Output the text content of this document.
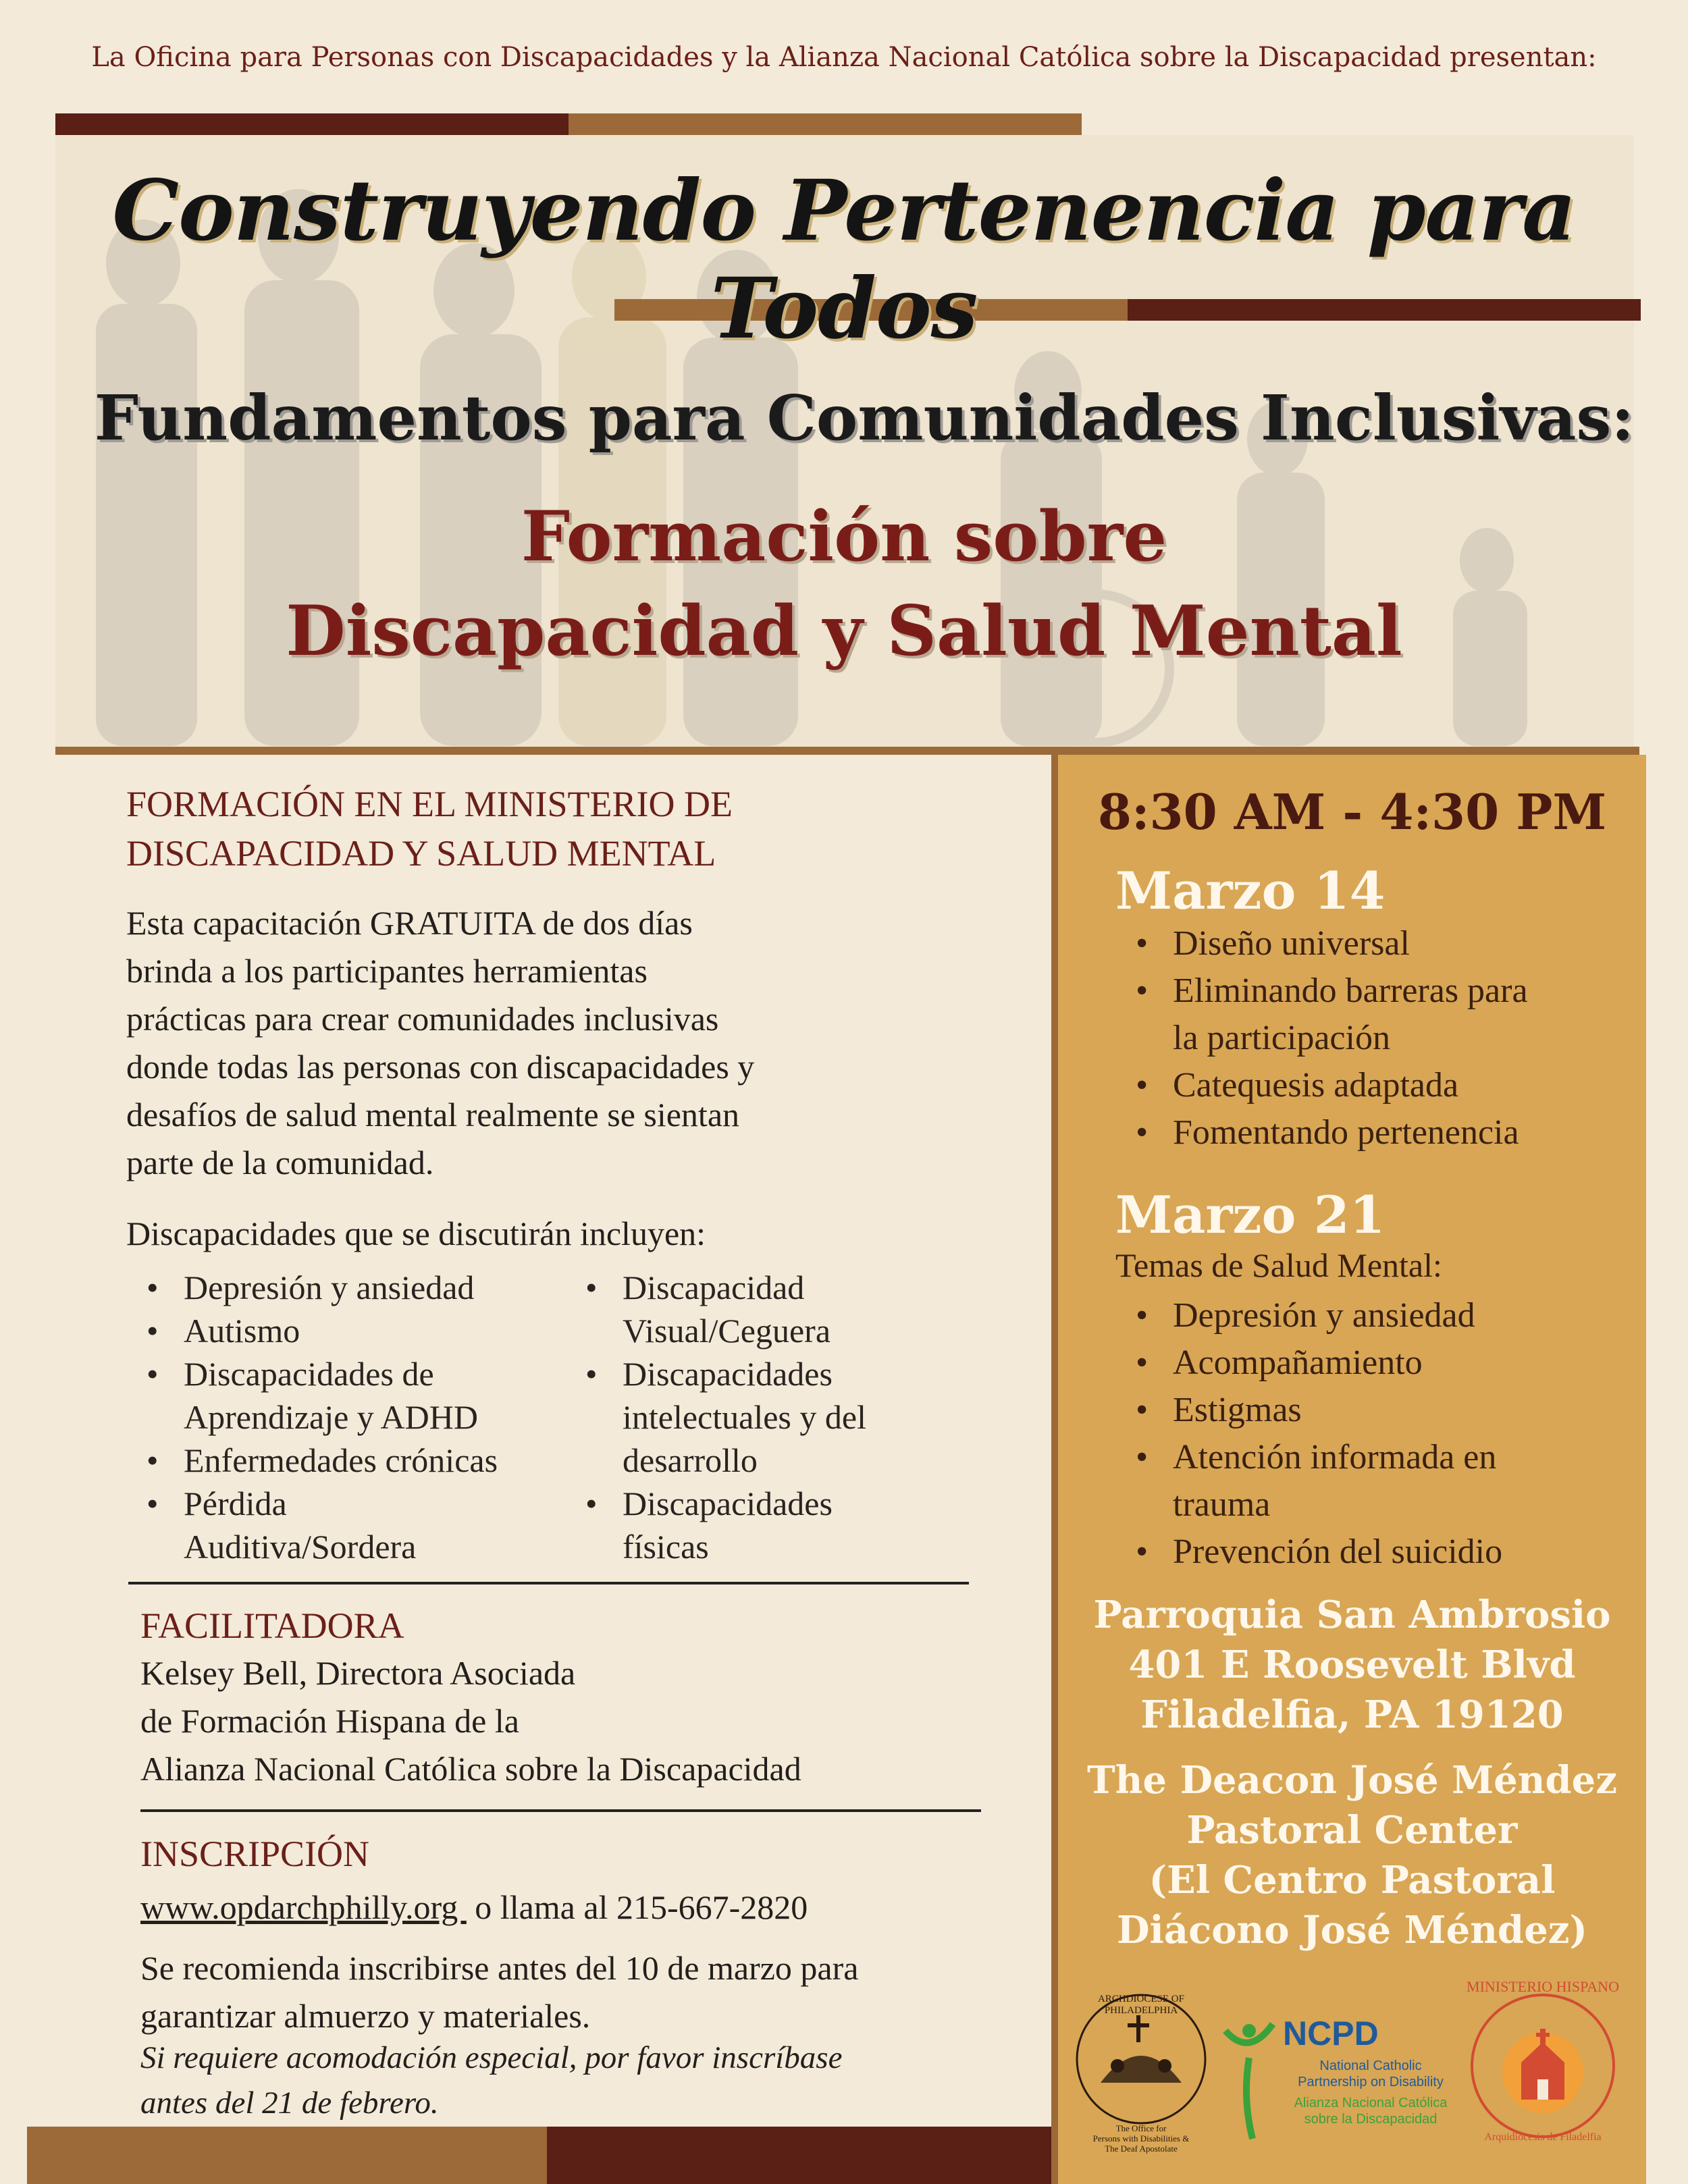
La Oficina para Personas con Discapacidades y la Alianza Nacional Católica sobre la Discapacidad presentan:
Construyendo Pertenencia para Todos
Fundamentos para Comunidades Inclusivas:
Formación sobre
Discapacidad y Salud Mental
FORMACIÓN EN EL MINISTERIO DE
DISCAPACIDAD Y SALUD MENTAL
Esta capacitación GRATUITA de dos días
brinda a los participantes herramientas
prácticas para crear comunidades inclusivas
donde todas las personas con discapacidades y
desafíos de salud mental realmente se sientan
parte de la comunidad.
Discapacidades que se discutirán incluyen:
• Depresión y ansiedad
• Autismo
• Discapacidades de
Aprendizaje y ADHD
• Enfermedades crónicas
• Pérdida
Auditiva/Sordera
• Discapacidad
Visual/Ceguera
• Discapacidades
intelectuales y del
desarrollo
• Discapacidades
físicas
FACILITADORA
Kelsey Bell, Directora Asociada
de Formación Hispana de la
Alianza Nacional Católica sobre la Discapacidad
INSCRIPCIÓN
www.opdarchphilly.org  o llama al 215-667-2820
Se recomienda inscribirse antes del 10 de marzo para
garantizar almuerzo y materiales.
Si requiere acomodación especial, por favor inscríbase
antes del 21 de febrero.
8:30 AM - 4:30 PM
Marzo 14
• Diseño universal
• Eliminando barreras para
la participación
• Catequesis adaptada
• Fomentando pertenencia
Marzo 21
Temas de Salud Mental:
• Depresión y ansiedad
• Acompañamiento
• Estigmas
• Atención informada en
trauma
• Prevención del suicidio
Parroquia San Ambrosio
401 E Roosevelt Blvd
Filadelfia, PA 19120
The Deacon José Méndez
Pastoral Center
(El Centro Pastoral
Diácono José Méndez)
ARCHDIOCESE OF PHILADELPHIA
The Office for
Persons with Disabilities &
The Deaf Apostolate
NCPD
National Catholic
Partnership on Disability
Alianza Nacional Católica
sobre la Discapacidad
MINISTERIO HISPANO
Arquidiócesis de Filadelfia
